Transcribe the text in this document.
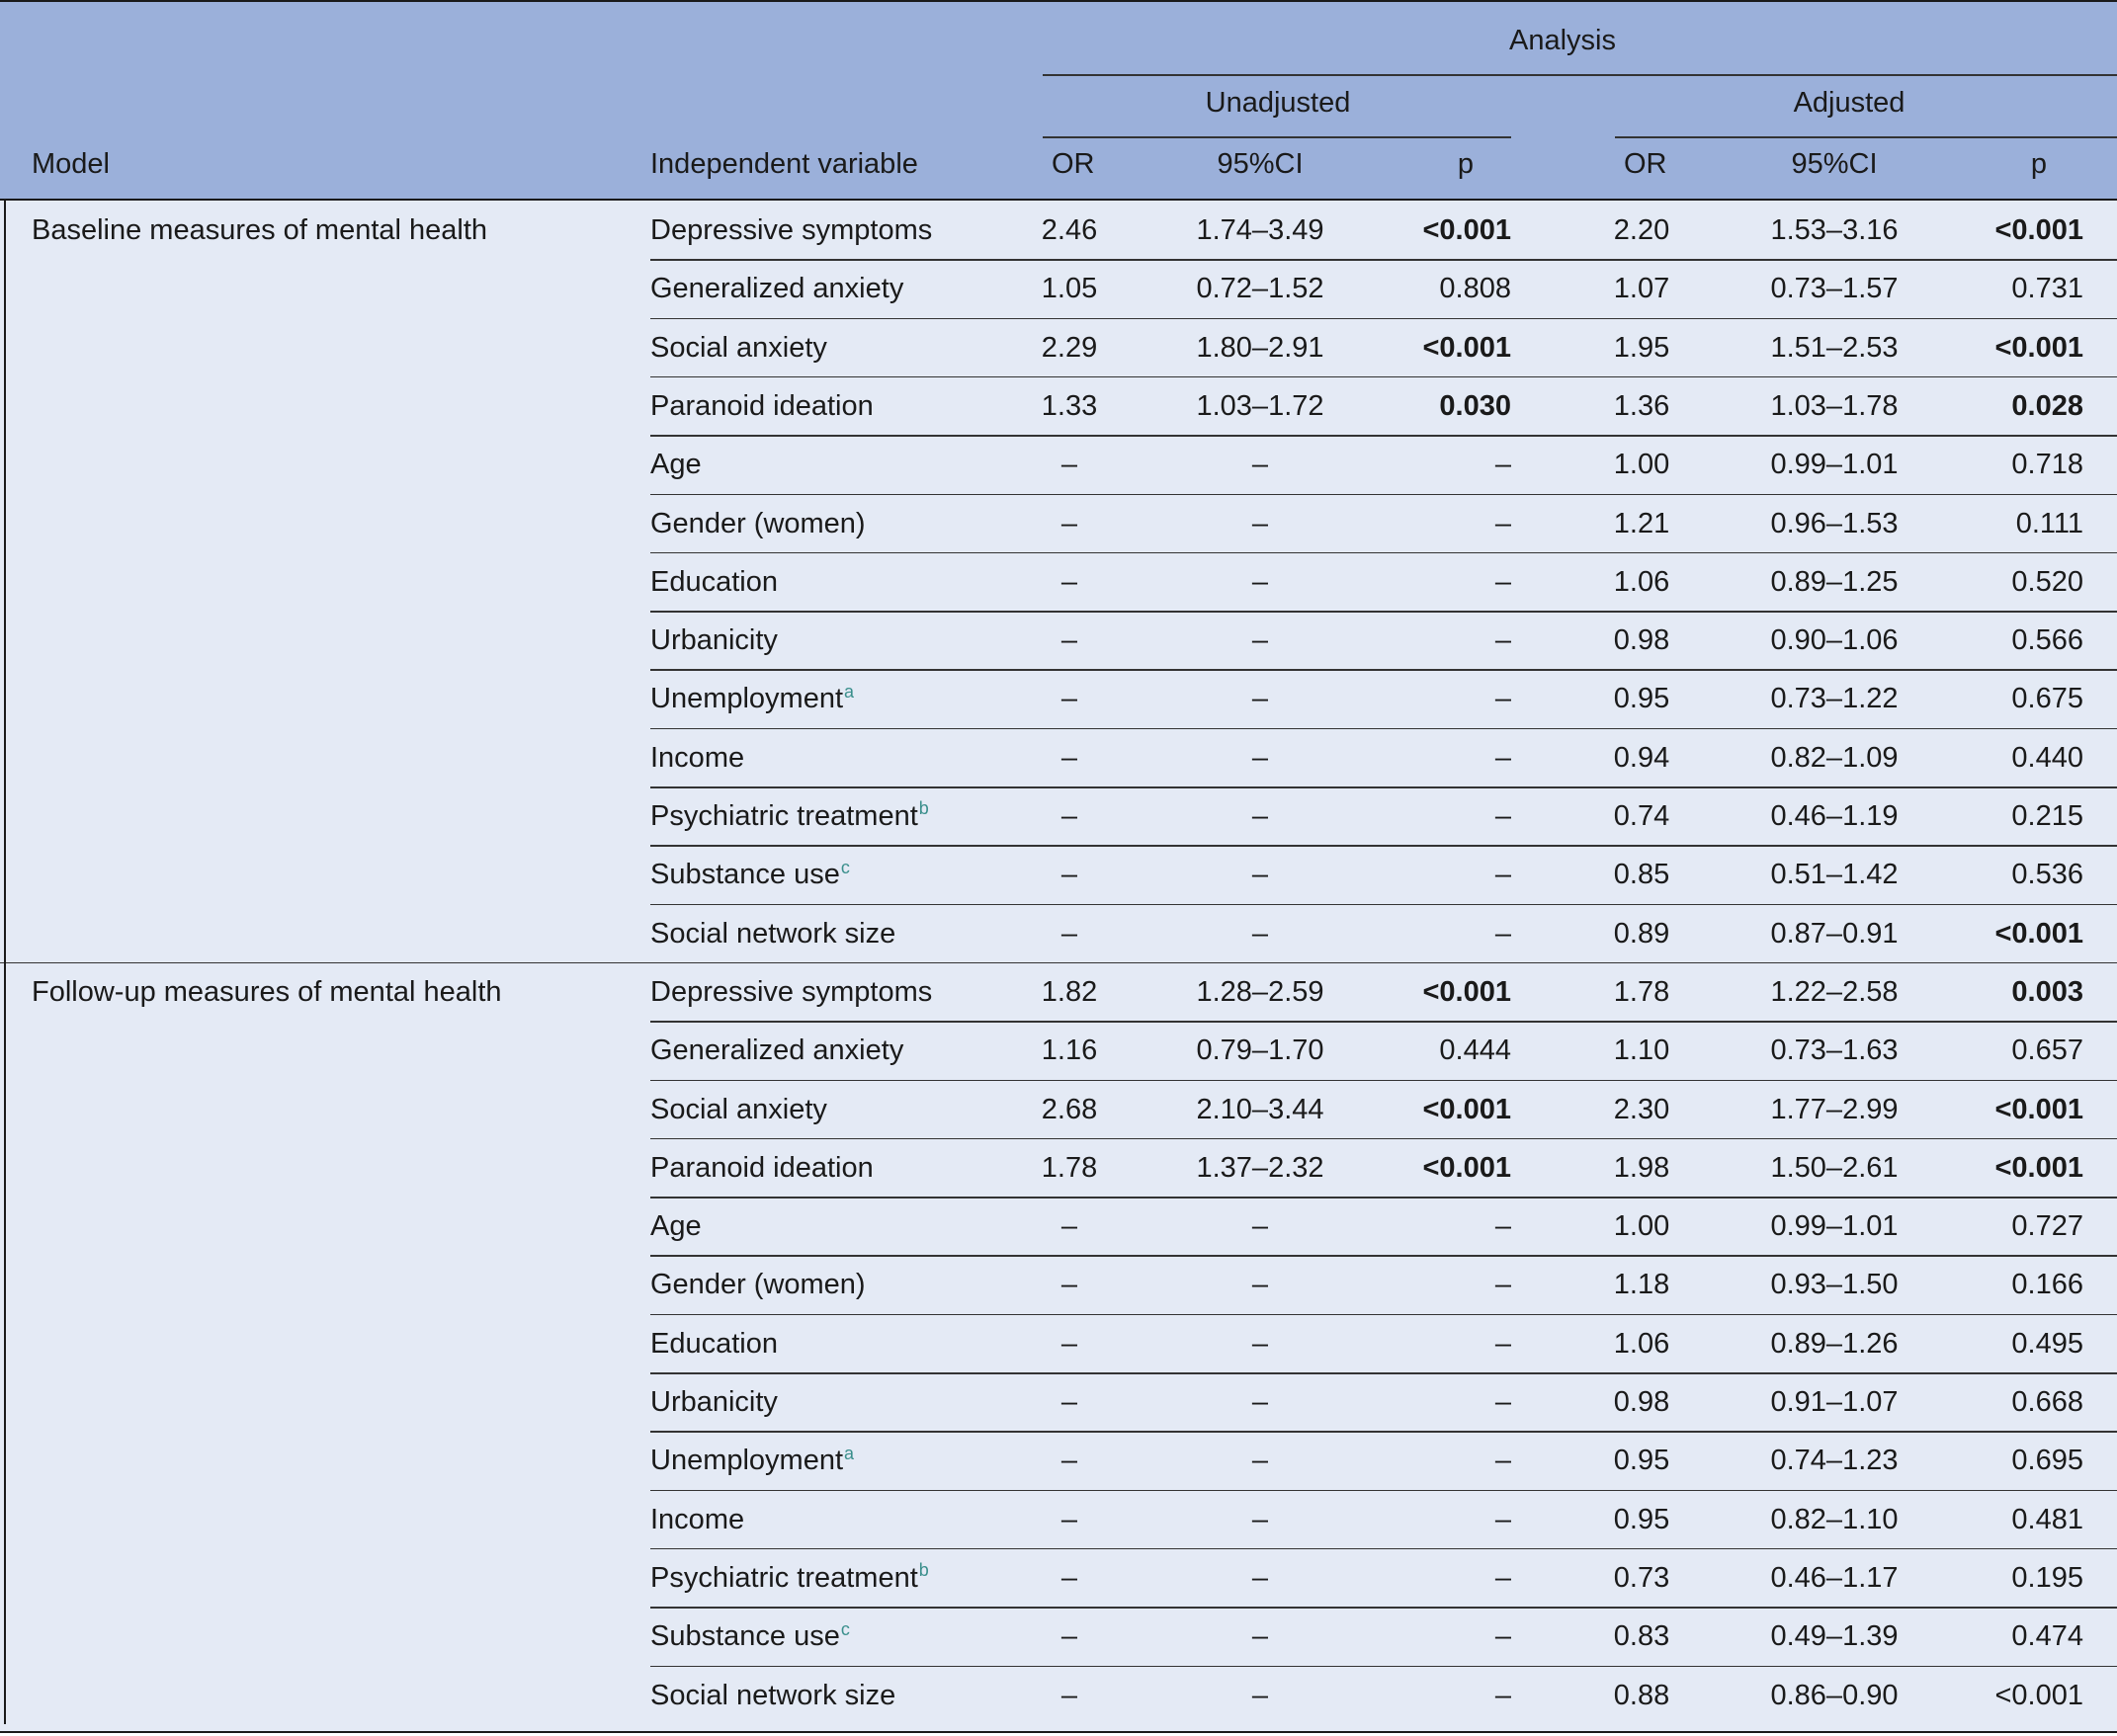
Model	Independent variable
Analysis
Unadjusted	Adjusted
OR	95%CI	p	OR	95%CI	p
Baseline measures of mental health	Depressive symptoms	2.46	1.74–3.49	<0.001	2.20	1.53–3.16	<0.001
Generalized anxiety	1.05	0.72–1.52	0.808	1.07	0.73–1.57	0.731
Social anxiety	2.29	1.80–2.91	<0.001	1.95	1.51–2.53	<0.001
Paranoid ideation	1.33	1.03–1.72	0.030	1.36	1.03–1.78	0.028
Age	–	–	–	1.00	0.99–1.01	0.718
Gender (women)	–	–	–	1.21	0.96–1.53	0.111
Education	–	–	–	1.06	0.89–1.25	0.520
Urbanicity	–	–	–	0.98	0.90–1.06	0.566
Unemployment$^a$	–	–	–	0.95	0.73–1.22	0.675
Income	–	–	–	0.94	0.82–1.09	0.440
Psychiatric treatment$^b$	–	–	–	0.74	0.46–1.19	0.215
Substance use$^c$	–	–	–	0.85	0.51–1.42	0.536
Social network size	–	–	–	0.89	0.87–0.91	<0.001
Follow-up measures of mental health	Depressive symptoms	1.82	1.28–2.59	<0.001	1.78	1.22–2.58	0.003
Generalized anxiety	1.16	0.79–1.70	0.444	1.10	0.73–1.63	0.657
Social anxiety	2.68	2.10–3.44	<0.001	2.30	1.77–2.99	<0.001
Paranoid ideation	1.78	1.37–2.32	<0.001	1.98	1.50–2.61	<0.001
Age	–	–	–	1.00	0.99–1.01	0.727
Gender (women)	–	–	–	1.18	0.93–1.50	0.166
Education	–	–	–	1.06	0.89–1.26	0.495
Urbanicity	–	–	–	0.98	0.91–1.07	0.668
Unemployment$^a$	–	–	–	0.95	0.74–1.23	0.695
Income	–	–	–	0.95	0.82–1.10	0.481
Psychiatric treatment$^b$	–	–	–	0.73	0.46–1.17	0.195
Substance use$^c$	–	–	–	0.83	0.49–1.39	0.474
Social network size	–	–	–	0.88	0.86–0.90	<0.001
